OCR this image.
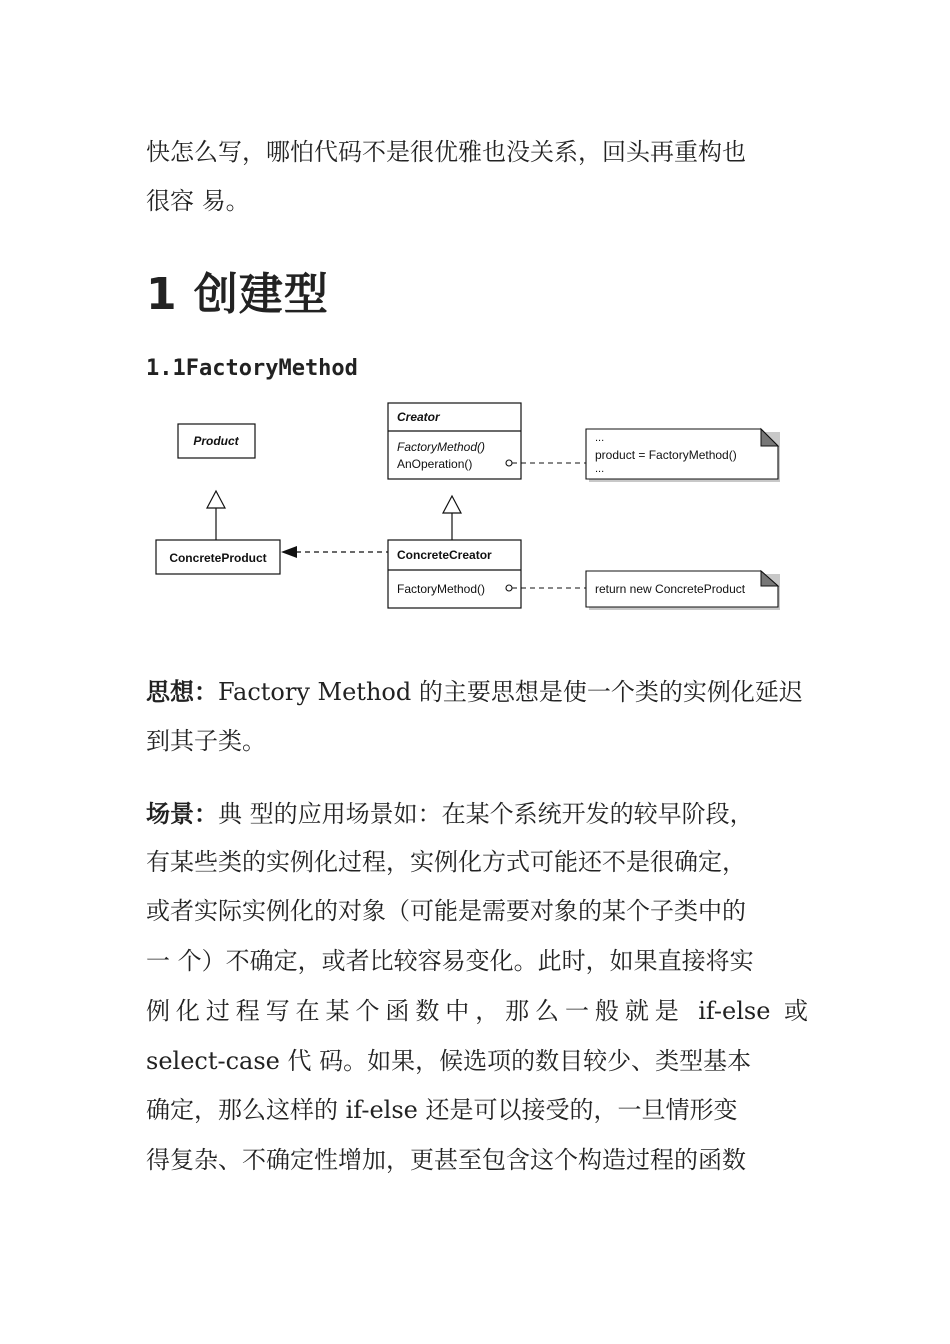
快怎么写，哪怕代码不是很优雅也没关系，回头再重构也

很容 易。

1 创建型
1.1FactoryMethod
Product
ConcreteProduct
Creator
FactoryMethod()
AnOperation()
ConcreteCreator
FactoryMethod()
...
product = FactoryMethod()
...
return new ConcreteProduct

思想：Factory Method 的主要思想是使一个类的实例化延迟到其子类。

场景：典 型的应用场景如：在某个系统开发的较早阶段，

有某些类的实例化过程，实例化方式可能还不是很确定，

或者实际实例化的对象（可能是需要对象的某个子类中的

一 个）不确定，或者比较容易变化。此时，如果直接将实

例化过程写在某个函数中，那么一般就是 if-else 或

select-case 代 码。如果，候选项的数目较少、类型基本

确定，那么这样的 if-else 还是可以接受的，一旦情形变

得复杂、不确定性增加，更甚至包含这个构造过程的函数
